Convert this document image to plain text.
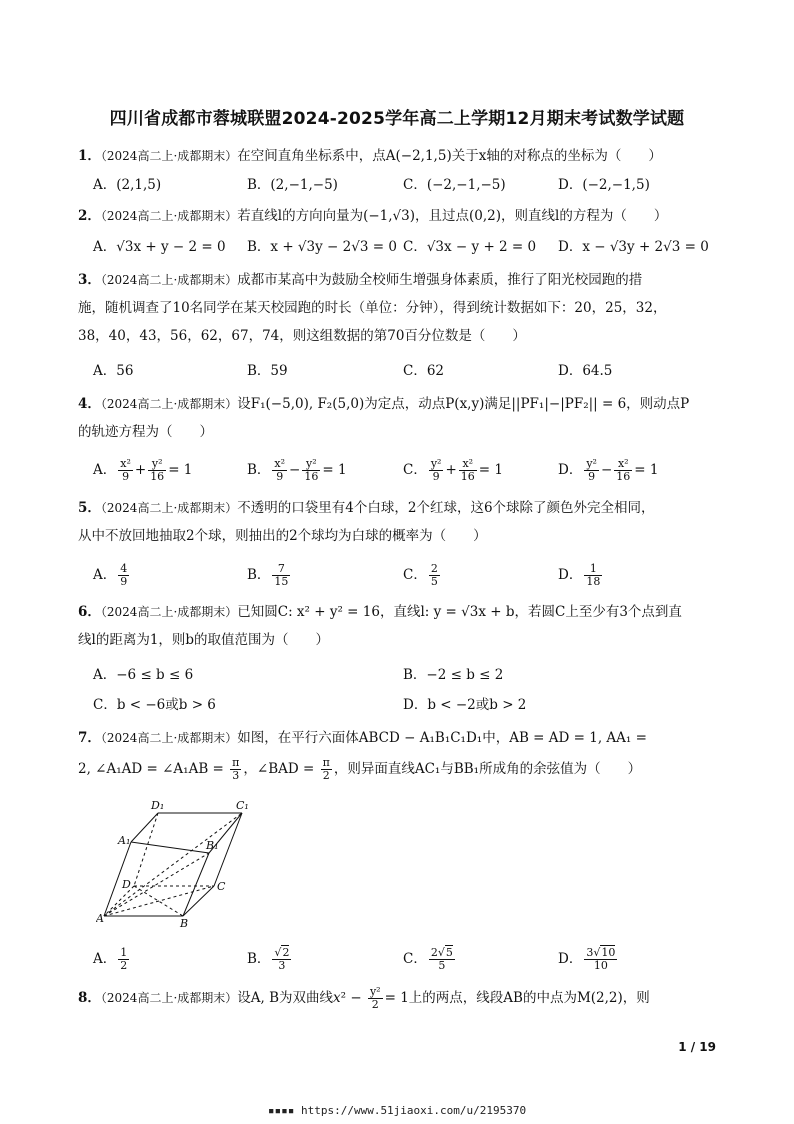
四川省成都市蓉城联盟2024-2025学年高二上学期12月期末考试数学试题
1．（2024高二上·成都期末）在空间直角坐标系中，点A(−2,1,5)关于x轴的对称点的坐标为（　　）
A．(2,1,5)	B．(2,−1,−5)	C．(−2,−1,−5)	D．(−2,−1,5)
2．（2024高二上·成都期末）若直线l的方向向量为(−1,√3)，且过点(0,2)，则直线l的方程为（　　）
A．√3x + y − 2 = 0 B．x + √3y − 2√3 = 0 C．√3x − y + 2 = 0 D．x − √3y + 2√3 = 0
3．（2024高二上·成都期末）成都市某高中为鼓励全校师生增强身体素质，推行了阳光校园跑的措
施，随机调查了10名同学在某天校园跑的时长（单位：分钟），得到统计数据如下：20，25，32，
38，40，43，56，62，67，74，则这组数据的第70百分位数是（　　）
A．56	B．59	C．62	D．64.5
4．（2024高二上·成都期末）设F₁(−5,0), F₂(5,0)为定点，动点P(x,y)满足||PF₁|−|PF₂|| = 6，则动点P
的轨迹方程为（　　）
A． $\frac{\text{x²}}{9} + \frac{\text{y²}}{16} = 1$	B． $\frac{\text{x²}}{9} - \frac{\text{y²}}{16} = 1$	C． $\frac{\text{y²}}{9} + \frac{\text{x²}}{16} = 1$	D． $\frac{\text{y²}}{9} - \frac{\text{x²}}{16} = 1$
5．（2024高二上·成都期末）不透明的口袋里有4个白球，2个红球，这6个球除了颜色外完全相同，
从中不放回地抽取2个球，则抽出的2个球均为白球的概率为（　　）
A． $\frac{4}{9}$	B． $\frac{7}{15}$	C． $\frac{2}{5}$	D． $\frac{1}{18}$
6．（2024高二上·成都期末）已知圆C: x² + y² = 16，直线l: y = √3x + b，若圆C上至少有3个点到直
线l的距离为1，则b的取值范围为（　　）
A．−6 ≤ b ≤ 6	B．−2 ≤ b ≤ 2
C．b < −6或b > 6	D．b < −2或b > 2
7．（2024高二上·成都期末）如图，在平行六面体ABCD − A₁B₁C₁D₁中，AB = AD = 1, AA₁ =
2, ∠A₁AD = ∠A₁AB = $\frac{\pi}{3}$ ，∠BAD = $\frac{\pi}{2}$ ，则异面直线AC₁与BB₁所成角的余弦值为（　　）
D₁	C₁
A₁	B₁
D	C
A	B
A． $\frac{1}{2}$	B． $\frac{√2}{3}$	C． $\frac{2√5}{5}$	D． $\frac{3√10}{10}$
8．（2024高二上·成都期末）设A, B为双曲线$x^2 - \frac{\text{y²}}{2} = 1$上的两点，线段AB的中点为M(2,2)，则
1 / 19
▪▪▪▪ https://www.51jiaoxi.com/u/2195370
